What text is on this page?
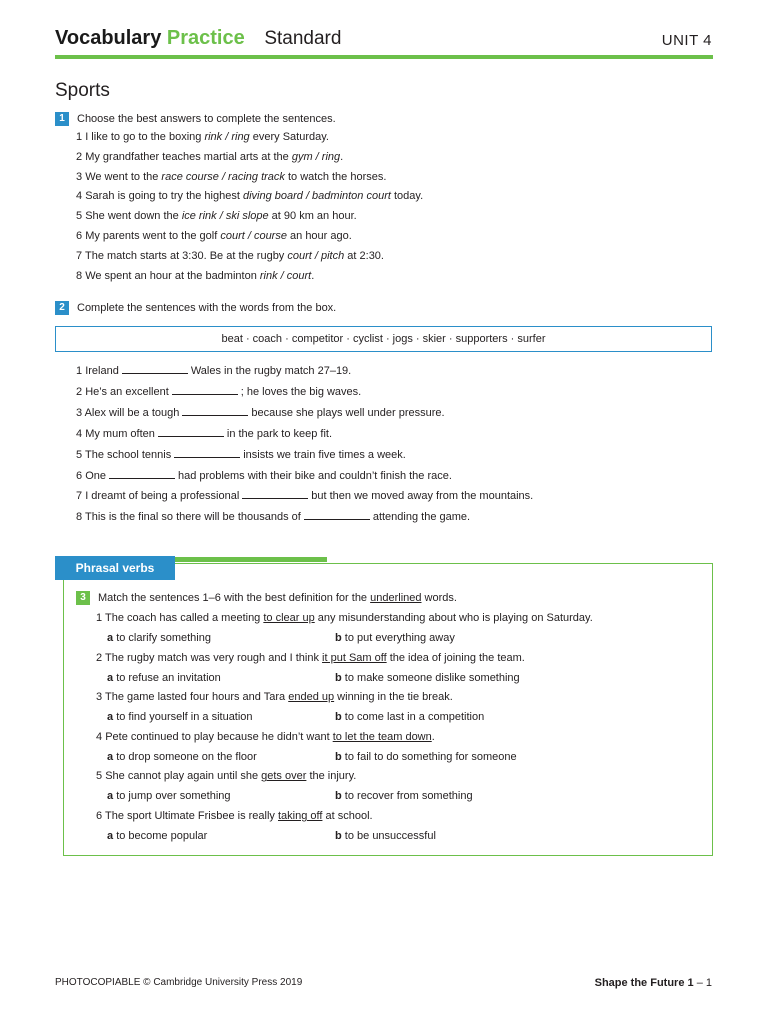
Vocabulary Practice Standard	UNIT 4
Sports
1 Choose the best answers to complete the sentences.
1 I like to go to the boxing rink / ring every Saturday.
2 My grandfather teaches martial arts at the gym / ring.
3 We went to the race course / racing track to watch the horses.
4 Sarah is going to try the highest diving board / badminton court today.
5 She went down the ice rink / ski slope at 90 km an hour.
6 My parents went to the golf court / course an hour ago.
7 The match starts at 3:30. Be at the rugby court / pitch at 2:30.
8 We spent an hour at the badminton rink / court.
2 Complete the sentences with the words from the box.
beat · coach · competitor · cyclist · jogs · skier · supporters · surfer
1 Ireland	Wales in the rugby match 27–19.
2 He’s an excellent	; he loves the big waves.
3 Alex will be a tough	because she plays well under pressure.
4 My mum often	in the park to keep fit.
5 The school tennis	insists we train five times a week.
6 One	had problems with their bike and couldn’t finish the race.
7 I dreamt of being a professional	but then we moved away from the mountains.
8 This is the final so there will be thousands of	attending the game.
Phrasal verbs
3 Match the sentences 1–6 with the best definition for the underlined words.
1 The coach has called a meeting to clear up any misunderstanding about who is playing on Saturday.
a to clarify something	b to put everything away
2 The rugby match was very rough and I think it put Sam off the idea of joining the team.
a to refuse an invitation	b to make someone dislike something
3 The game lasted four hours and Tara ended up winning in the tie break.
a to find yourself in a situation	b to come last in a competition
4 Pete continued to play because he didn’t want to let the team down.
a to drop someone on the floor	b to fail to do something for someone
5 She cannot play again until she gets over the injury.
a to jump over something	b to recover from something
6 The sport Ultimate Frisbee is really taking off at school.
a to become popular	b to be unsuccessful
PHOTOCOPIABLE © Cambridge University Press 2019	Shape the Future 1 – 1
